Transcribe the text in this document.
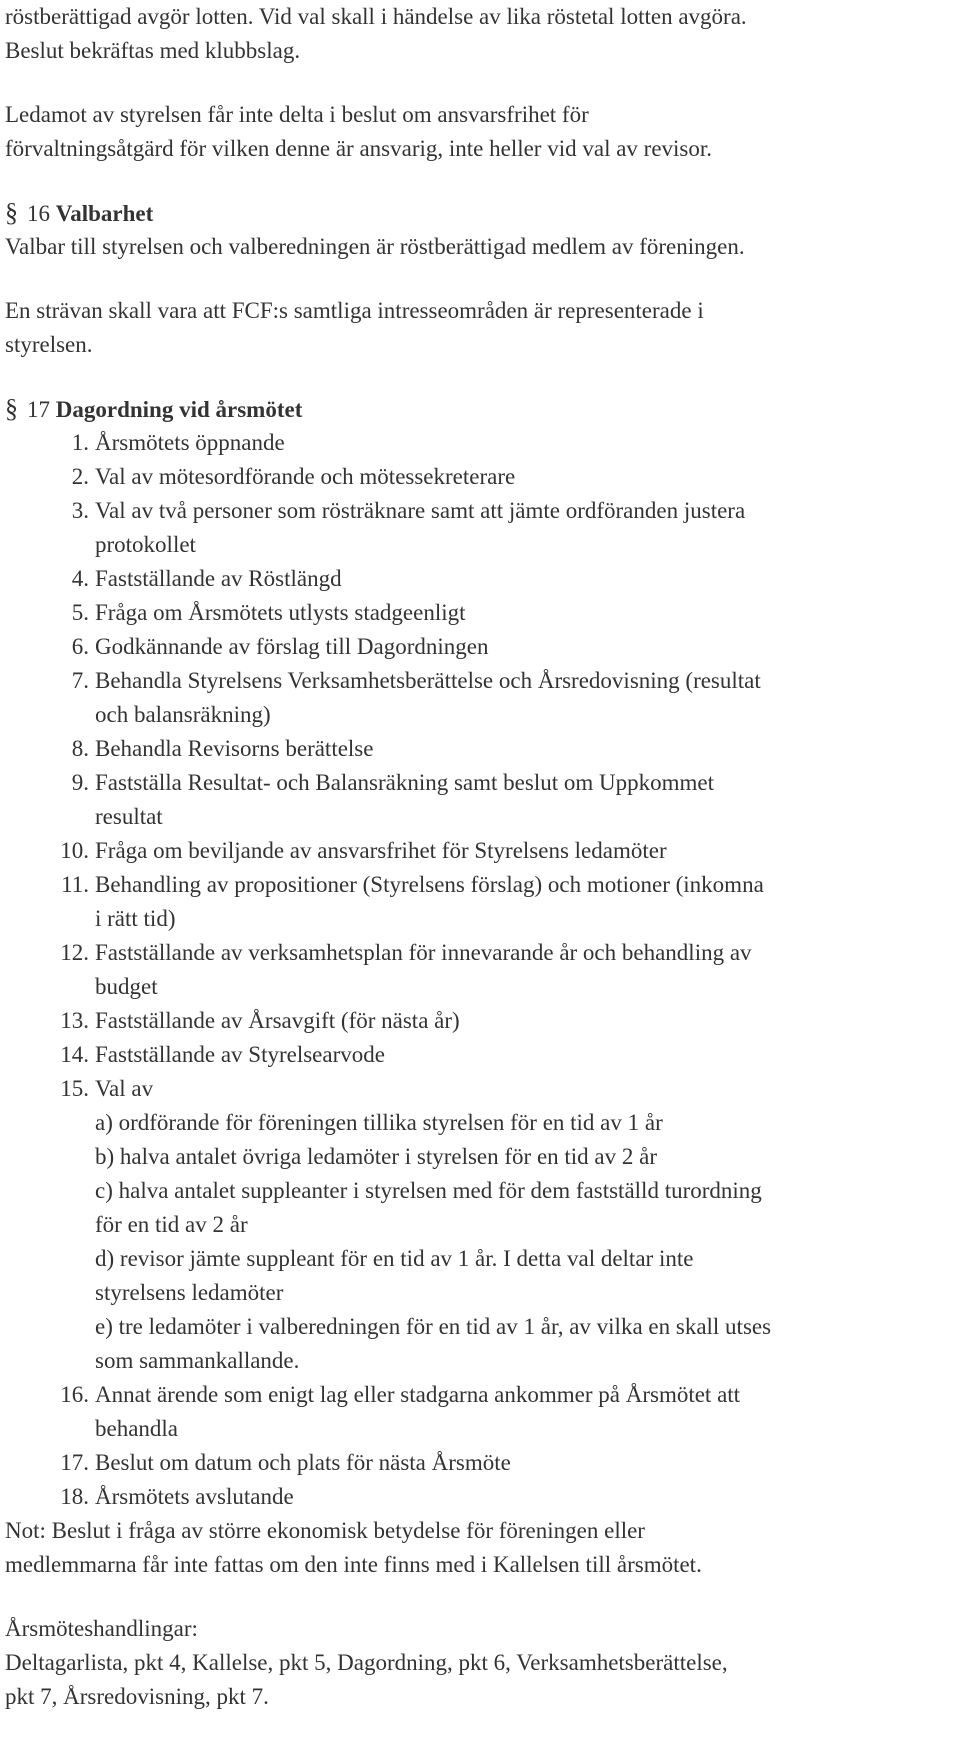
röstberättigad avgör lotten. Vid val skall i händelse av lika röstetal lotten avgöra.
Beslut bekräftas med klubbslag.
Ledamot av styrelsen får inte delta i beslut om ansvarsfrihet för
förvaltningsåtgärd för vilken denne är ansvarig, inte heller vid val av revisor.
§ 16 Valbarhet
Valbar till styrelsen och valberedningen är röstberättigad medlem av föreningen.
En strävan skall vara att FCF:s samtliga intresseområden är representerade i
styrelsen.
§ 17 Dagordning vid årsmötet
1. Årsmötets öppnande
2. Val av mötesordförande och mötessekreterare
3. Val av två personer som rösträknare samt att jämte ordföranden justera
protokollet
4. Fastställande av Röstlängd
5. Fråga om Årsmötets utlysts stadgeenligt
6. Godkännande av förslag till Dagordningen
7. Behandla Styrelsens Verksamhetsberättelse och Årsredovisning (resultat
och balansräkning)
8. Behandla Revisorns berättelse
9. Fastställa Resultat- och Balansräkning samt beslut om Uppkommet
resultat
10. Fråga om beviljande av ansvarsfrihet för Styrelsens ledamöter
11. Behandling av propositioner (Styrelsens förslag) och motioner (inkomna
i rätt tid)
12. Fastställande av verksamhetsplan för innevarande år och behandling av
budget
13. Fastställande av Årsavgift (för nästa år)
14. Fastställande av Styrelsearvode
15. Val av
a) ordförande för föreningen tillika styrelsen för en tid av 1 år
b) halva antalet övriga ledamöter i styrelsen för en tid av 2 år
c) halva antalet suppleanter i styrelsen med för dem fastställd turordning
för en tid av 2 år
d) revisor jämte suppleant för en tid av 1 år. I detta val deltar inte
styrelsens ledamöter
e) tre ledamöter i valberedningen för en tid av 1 år, av vilka en skall utses
som sammankallande.
16. Annat ärende som enigt lag eller stadgarna ankommer på Årsmötet att
behandla
17. Beslut om datum och plats för nästa Årsmöte
18. Årsmötets avslutande
Not: Beslut i fråga av större ekonomisk betydelse för föreningen eller
medlemmarna får inte fattas om den inte finns med i Kallelsen till årsmötet.
Årsmöteshandlingar:
Deltagarlista, pkt 4, Kallelse, pkt 5, Dagordning, pkt 6, Verksamhetsberättelse,
pkt 7, Årsredovisning, pkt 7.
